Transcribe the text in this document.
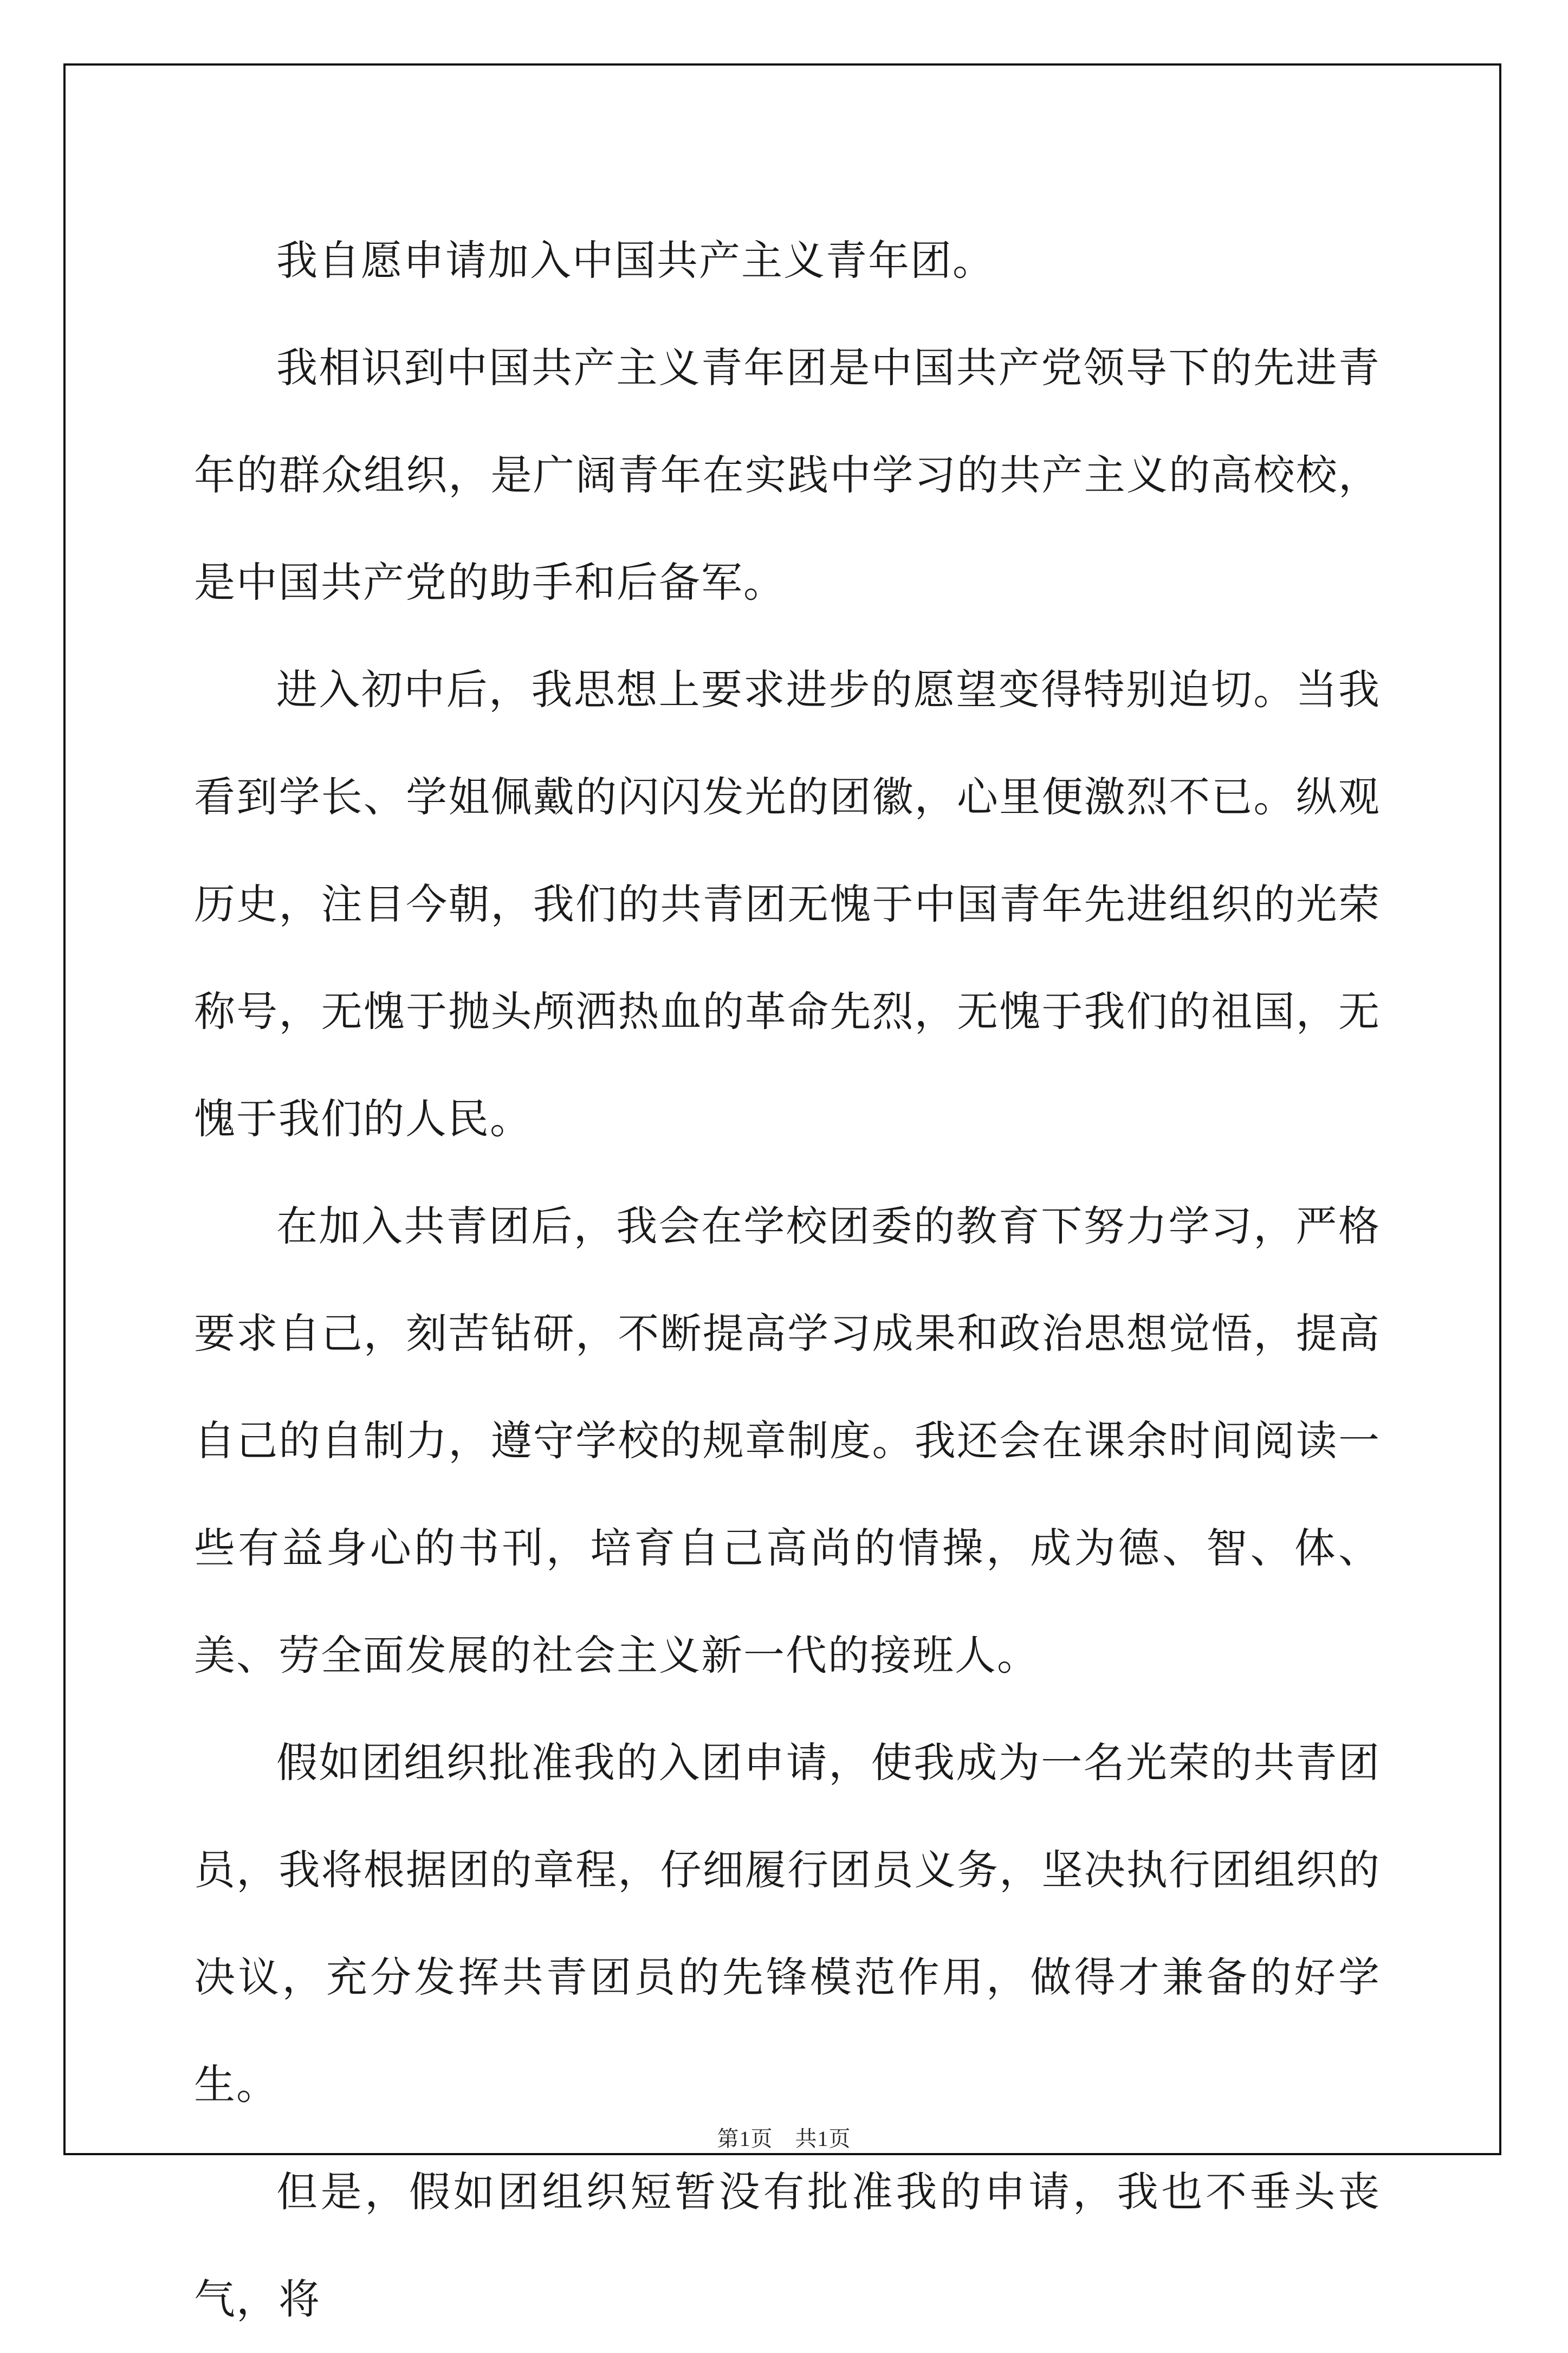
我自愿申请加入中国共产主义青年团。

我相识到中国共产主义青年团是中国共产党领导下的先进青年的群众组织，是广阔青年在实践中学习的共产主义的高校校，是中国共产党的助手和后备军。

进入初中后，我思想上要求进步的愿望变得特别迫切。当我看到学长、学姐佩戴的闪闪发光的团徽，心里便激烈不已。纵观历史，注目今朝，我们的共青团无愧于中国青年先进组织的光荣称号，无愧于抛头颅洒热血的革命先烈，无愧于我们的祖国，无愧于我们的人民。

在加入共青团后，我会在学校团委的教育下努力学习，严格要求自己，刻苦钻研，不断提高学习成果和政治思想觉悟，提高自己的自制力，遵守学校的规章制度。我还会在课余时间阅读一些有益身心的书刊，培育自己高尚的情操，成为德、智、体、美、劳全面发展的社会主义新一代的接班人。

假如团组织批准我的入团申请，使我成为一名光荣的共青团员，我将根据团的章程，仔细履行团员义务，坚决执行团组织的决议，充分发挥共青团员的先锋模范作用，做得才兼备的好学生。

但是，假如团组织短暂没有批准我的申请，我也不垂头丧气，将

第1页　共1页
